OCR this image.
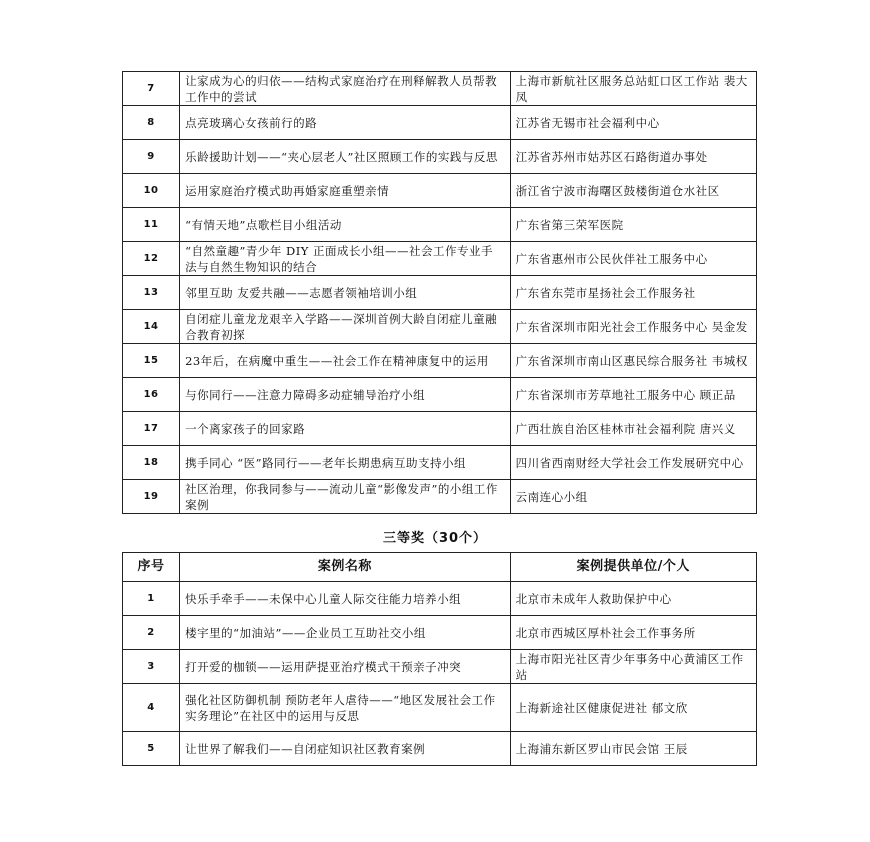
7	让家成为心的归依——结构式家庭治疗在刑释解教人员帮教工作中的尝试	上海市新航社区服务总站虹口区工作站 裴大凤
8	点亮玻璃心女孩前行的路	江苏省无锡市社会福利中心
9	乐龄援助计划——“夹心层老人”社区照顾工作的实践与反思	江苏省苏州市姑苏区石路街道办事处
10	运用家庭治疗模式助再婚家庭重塑亲情	浙江省宁波市海曙区鼓楼街道仓水社区
11	“有情天地”点歌栏目小组活动	广东省第三荣军医院
12	“自然童趣”青少年 DIY 正面成长小组——社会工作专业手法与自然生物知识的结合	广东省惠州市公民伙伴社工服务中心
13	邻里互助 友爱共融——志愿者领袖培训小组	广东省东莞市星扬社会工作服务社
14	自闭症儿童龙龙艰辛入学路——深圳首例大龄自闭症儿童融合教育初探	广东省深圳市阳光社会工作服务中心 吴金发
15	23年后，在病魔中重生——社会工作在精神康复中的运用	广东省深圳市南山区惠民综合服务社 韦城权
16	与你同行——注意力障碍多动症辅导治疗小组	广东省深圳市芳草地社工服务中心 顾正品
17	一个离家孩子的回家路	广西壮族自治区桂林市社会福利院 唐兴义
18	携手同心 “医”路同行——老年长期患病互助支持小组	四川省西南财经大学社会工作发展研究中心
19	社区治理，你我同参与——流动儿童“影像发声”的小组工作案例	云南连心小组
三等奖（30个）
序号	案例名称	案例提供单位/个人
1	快乐手牵手——未保中心儿童人际交往能力培养小组	北京市未成年人救助保护中心
2	楼宇里的“加油站”——企业员工互助社交小组	北京市西城区厚朴社会工作事务所
3	打开爱的枷锁——运用萨提亚治疗模式干预亲子冲突	上海市阳光社区青少年事务中心黄浦区工作站
4	强化社区防御机制 预防老年人虐待——“地区发展社会工作实务理论”在社区中的运用与反思	上海新途社区健康促进社 郁文欣
5	让世界了解我们——自闭症知识社区教育案例	上海浦东新区罗山市民会馆 王辰
